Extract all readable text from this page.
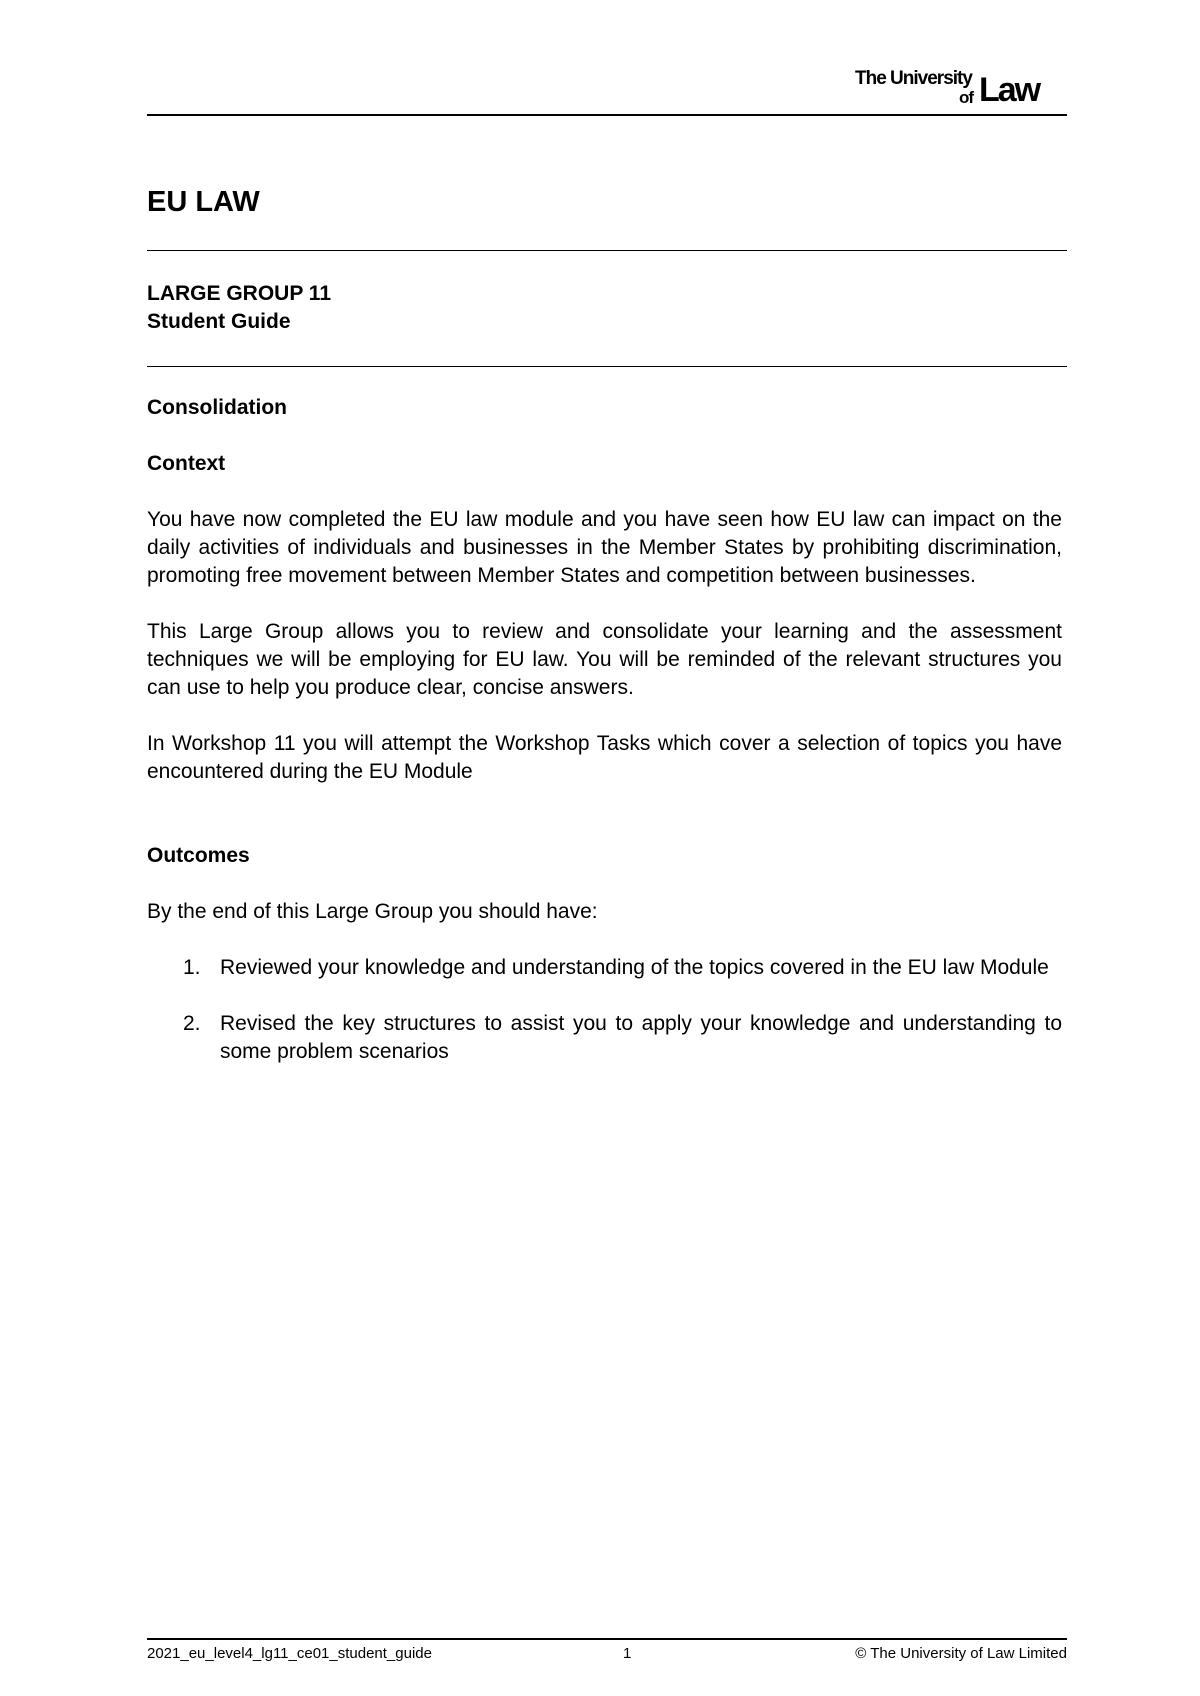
The University
of Law
EU LAW
LARGE GROUP 11
Student Guide
Consolidation
Context

You have now completed the EU law module and you have seen how EU law can impact on the daily activities of individuals and businesses in the Member States by prohibiting discrimination, promoting free movement between Member States and competition between businesses.

This Large Group allows you to review and consolidate your learning and the assessment techniques we will be employing for EU law. You will be reminded of the relevant structures you can use to help you produce clear, concise answers.

In Workshop 11 you will attempt the Workshop Tasks which cover a selection of topics you have encountered during the EU Module

Outcomes

By the end of this Large Group you should have:

1. Reviewed your knowledge and understanding of the topics covered in the EU law Module
2. Revised the key structures to assist you to apply your knowledge and understanding to some problem scenarios
2021_eu_level4_lg11_ce01_student_guide	1	© The University of Law Limited
